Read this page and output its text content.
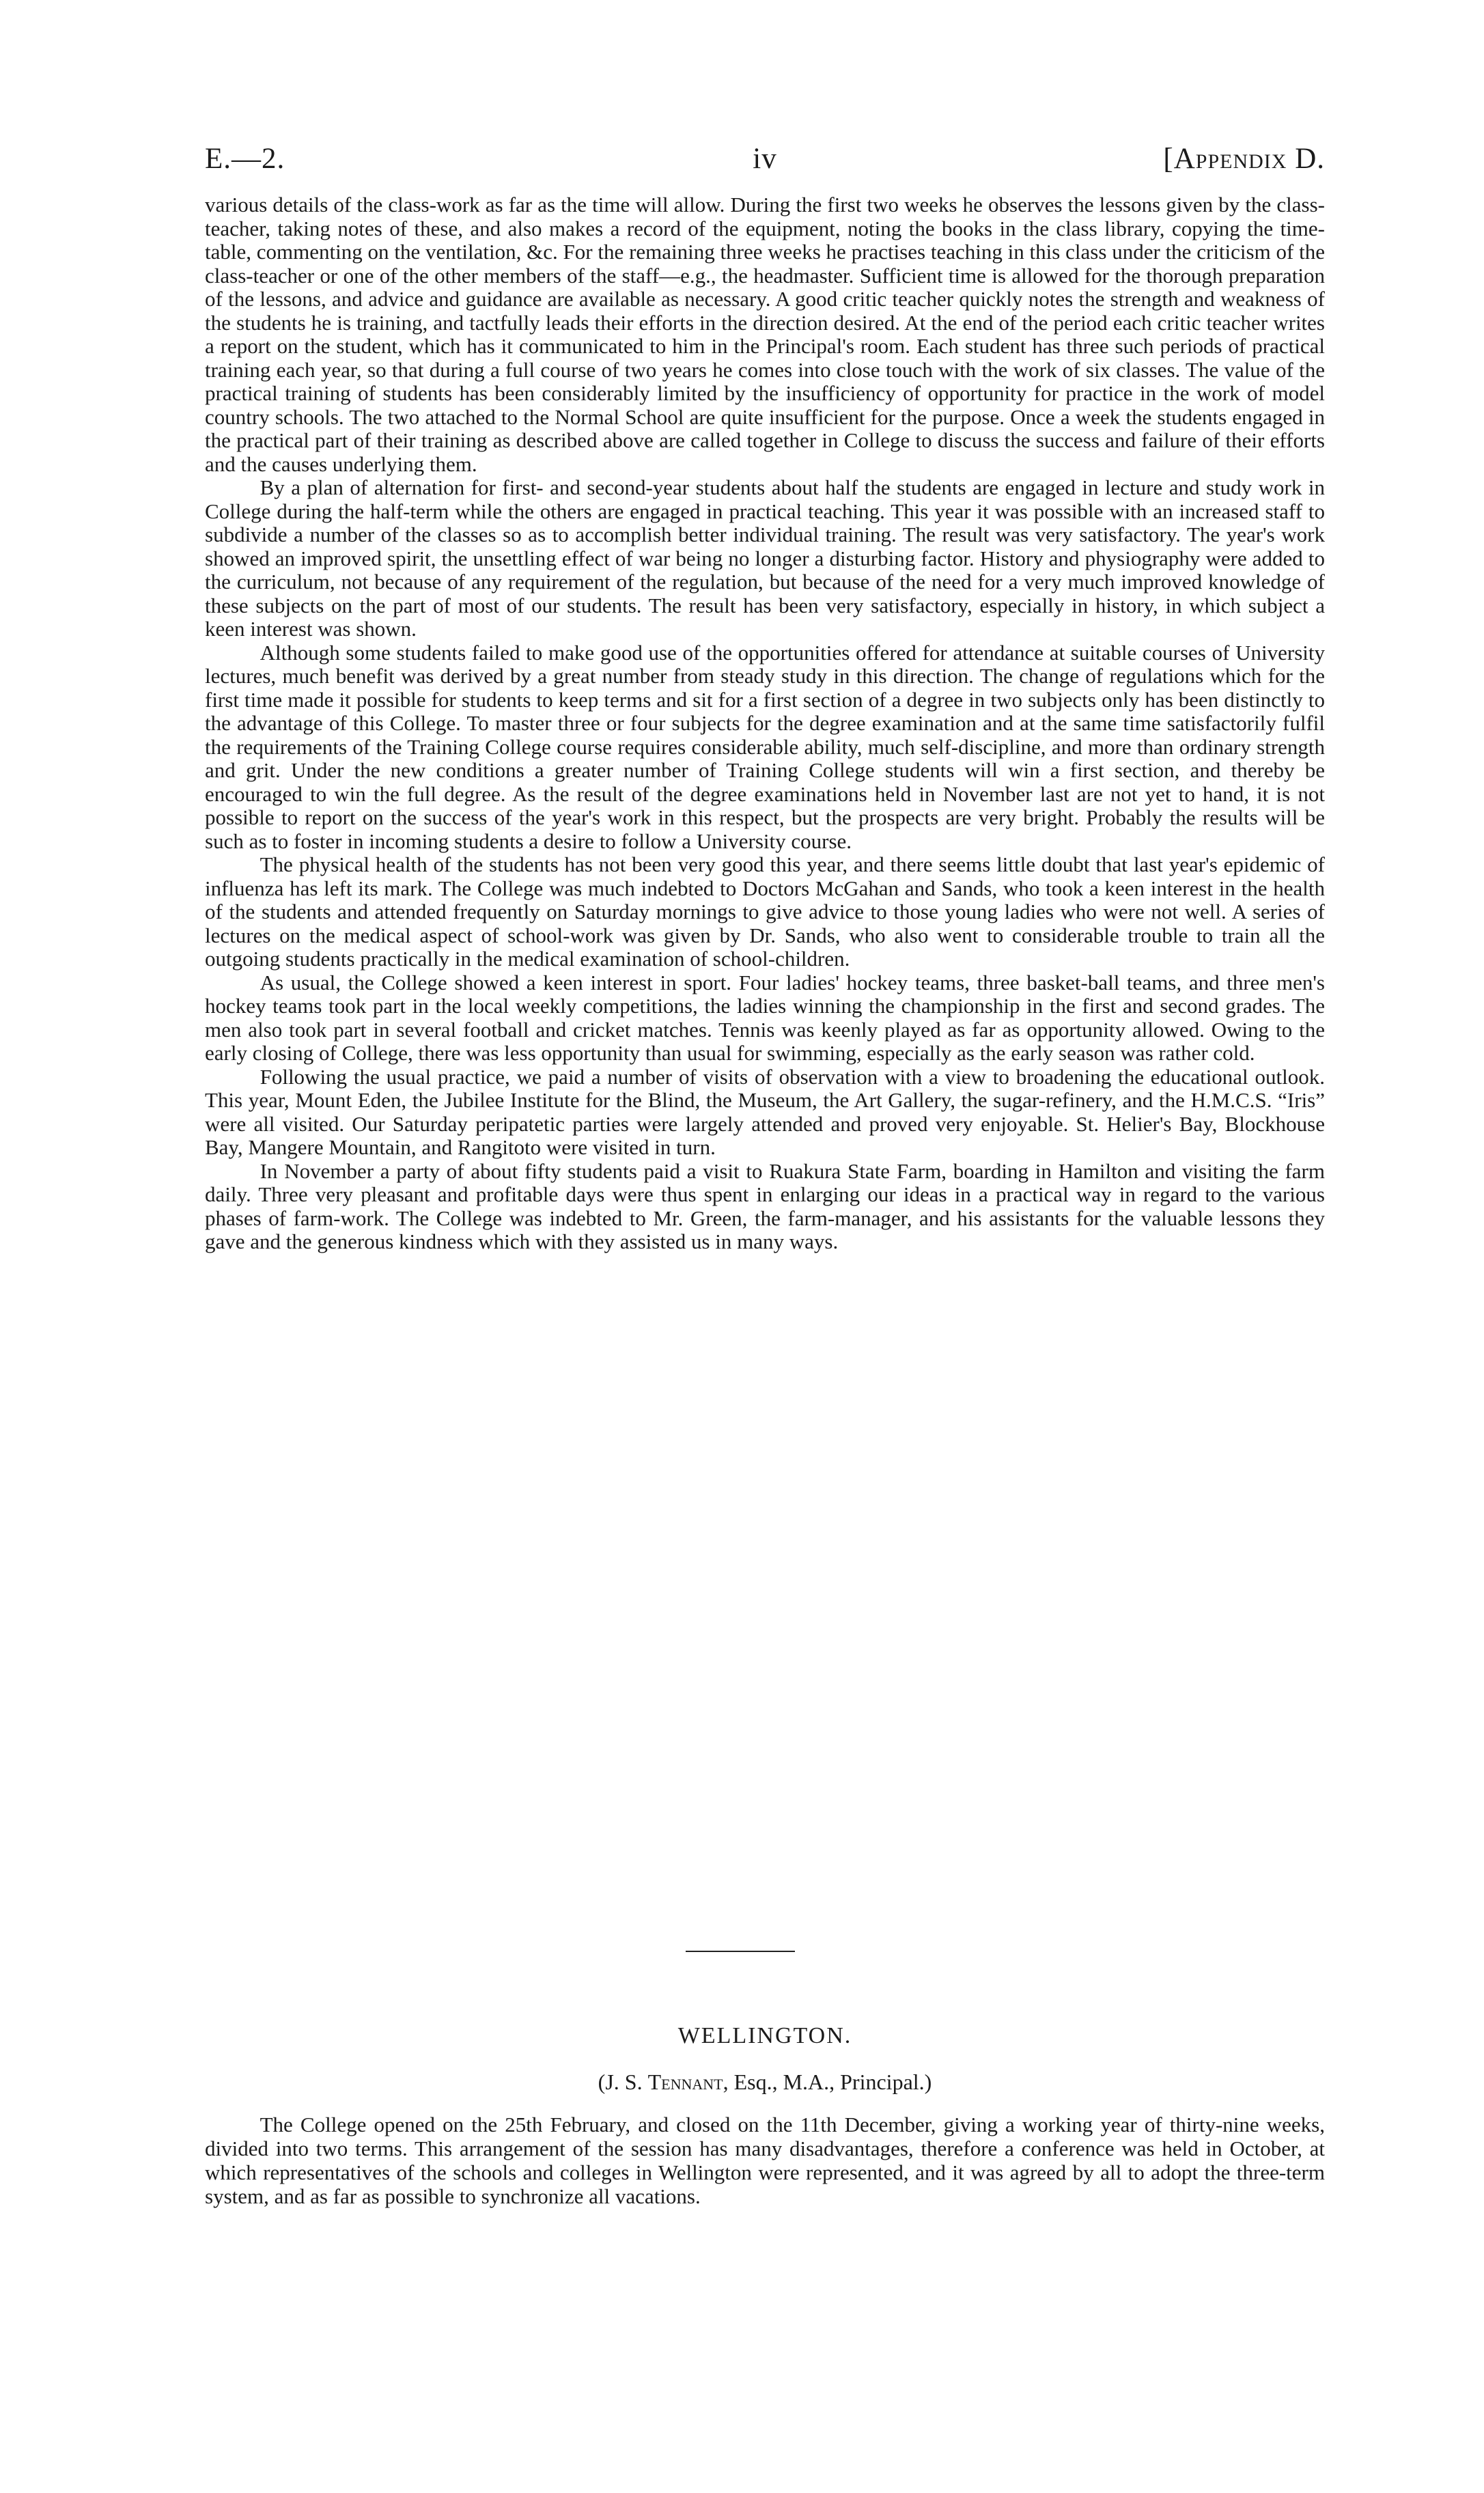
E.—2.	iv	[Appendix D.

various details of the class-work as far as the time will allow. During the first two weeks he observes the lessons given by the class-teacher, taking notes of these, and also makes a record of the equipment, noting the books in the class library, copying the time-table, commenting on the ventilation, &c. For the remaining three weeks he practises teaching in this class under the criticism of the class-teacher or one of the other members of the staff—e.g., the headmaster. Sufficient time is allowed for the thorough preparation of the lessons, and advice and guidance are available as necessary. A good critic teacher quickly notes the strength and weakness of the students he is training, and tactfully leads their efforts in the direction desired. At the end of the period each critic teacher writes a report on the student, which has it communicated to him in the Principal's room. Each student has three such periods of practical training each year, so that during a full course of two years he comes into close touch with the work of six classes. The value of the practical training of students has been considerably limited by the insufficiency of opportunity for practice in the work of model country schools. The two attached to the Normal School are quite insufficient for the purpose. Once a week the students engaged in the practical part of their training as described above are called together in College to discuss the success and failure of their efforts and the causes underlying them.

By a plan of alternation for first- and second-year students about half the students are engaged in lecture and study work in College during the half-term while the others are engaged in practical teaching. This year it was possible with an increased staff to subdivide a number of the classes so as to accomplish better individual training. The result was very satisfactory. The year's work showed an improved spirit, the unsettling effect of war being no longer a disturbing factor. History and physiography were added to the curriculum, not because of any requirement of the regulation, but because of the need for a very much improved knowledge of these subjects on the part of most of our students. The result has been very satisfactory, especially in history, in which subject a keen interest was shown.

Although some students failed to make good use of the opportunities offered for attendance at suitable courses of University lectures, much benefit was derived by a great number from steady study in this direction. The change of regulations which for the first time made it possible for students to keep terms and sit for a first section of a degree in two subjects only has been distinctly to the advantage of this College. To master three or four subjects for the degree examination and at the same time satisfactorily fulfil the requirements of the Training College course requires considerable ability, much self-discipline, and more than ordinary strength and grit. Under the new conditions a greater number of Training College students will win a first section, and thereby be encouraged to win the full degree. As the result of the degree examinations held in November last are not yet to hand, it is not possible to report on the success of the year's work in this respect, but the prospects are very bright. Probably the results will be such as to foster in incoming students a desire to follow a University course.

The physical health of the students has not been very good this year, and there seems little doubt that last year's epidemic of influenza has left its mark. The College was much indebted to Doctors McGahan and Sands, who took a keen interest in the health of the students and attended frequently on Saturday mornings to give advice to those young ladies who were not well. A series of lectures on the medical aspect of school-work was given by Dr. Sands, who also went to considerable trouble to train all the outgoing students practically in the medical examination of school-children.

As usual, the College showed a keen interest in sport. Four ladies' hockey teams, three basket-ball teams, and three men's hockey teams took part in the local weekly competitions, the ladies winning the championship in the first and second grades. The men also took part in several football and cricket matches. Tennis was keenly played as far as opportunity allowed. Owing to the early closing of College, there was less opportunity than usual for swimming, especially as the early season was rather cold.

Following the usual practice, we paid a number of visits of observation with a view to broadening the educational outlook. This year, Mount Eden, the Jubilee Institute for the Blind, the Museum, the Art Gallery, the sugar-refinery, and the H.M.C.S. “Iris” were all visited. Our Saturday peripatetic parties were largely attended and proved very enjoyable. St. Helier's Bay, Blockhouse Bay, Mangere Mountain, and Rangitoto were visited in turn.

In November a party of about fifty students paid a visit to Ruakura State Farm, boarding in Hamilton and visiting the farm daily. Three very pleasant and profitable days were thus spent in enlarging our ideas in a practical way in regard to the various phases of farm-work. The College was indebted to Mr. Green, the farm-manager, and his assistants for the valuable lessons they gave and the generous kindness which with they assisted us in many ways.

WELLINGTON.
(J. S. Tennant, Esq., M.A., Principal.)

The College opened on the 25th February, and closed on the 11th December, giving a working year of thirty-nine weeks, divided into two terms. This arrangement of the session has many disadvantages, therefore a conference was held in October, at which representatives of the schools and colleges in Wellington were represented, and it was agreed by all to adopt the three-term system, and as far as possible to synchronize all vacations.
